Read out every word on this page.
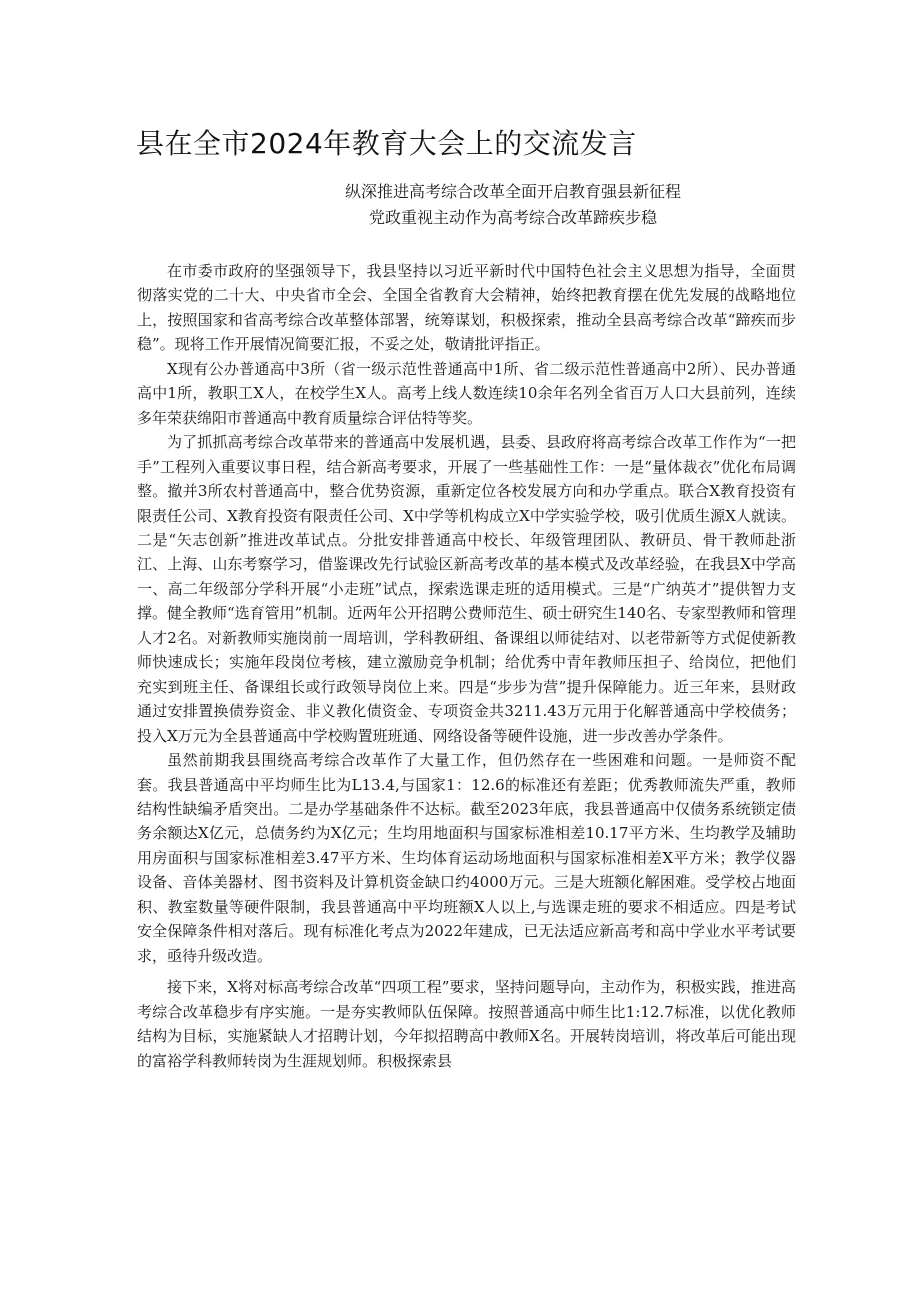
县在全市2024年教育大会上的交流发言
纵深推进高考综合改革全面开启教育强县新征程
党政重视主动作为高考综合改革蹄疾步稳

在市委市政府的坚强领导下，我县坚持以习近平新时代中国特色社会主义思想为指导，全面贯彻落实党的二十大、中央省市全会、全国全省教育大会精神，始终把教育摆在优先发展的战略地位上，按照国家和省高考综合改革整体部署，统筹谋划，积极探索，推动全县高考综合改革“蹄疾而步稳”。现将工作开展情况简要汇报，不妥之处，敬请批评指正。

X现有公办普通高中3所（省一级示范性普通高中1所、省二级示范性普通高中2所）、民办普通高中1所，教职工X人，在校学生X人。高考上线人数连续10余年名列全省百万人口大县前列，连续多年荣获绵阳市普通高中教育质量综合评估特等奖。

为了抓抓高考综合改革带来的普通高中发展机遇，县委、县政府将高考综合改革工作作为“一把手”工程列入重要议事日程，结合新高考要求，开展了一些基础性工作：一是“量体裁衣”优化布局调整。撤并3所农村普通高中，整合优势资源，重新定位各校发展方向和办学重点。联合X教育投资有限责任公司、X教育投资有限责任公司、X中学等机构成立X中学实验学校，吸引优质生源X人就读。二是“矢志创新”推进改革试点。分批安排普通高中校长、年级管理团队、教研员、骨干教师赴浙江、上海、山东考察学习，借鉴课改先行试验区新高考改革的基本模式及改革经验，在我县X中学高一、高二年级部分学科开展“小走班”试点，探索选课走班的适用模式。三是“广纳英才”提供智力支撑。健全教师“选育管用”机制。近两年公开招聘公费师范生、硕士研究生140名、专家型教师和管理人才2名。对新教师实施岗前一周培训，学科教研组、备课组以师徒结对、以老带新等方式促使新教师快速成长；实施年段岗位考核，建立激励竞争机制；给优秀中青年教师压担子、给岗位，把他们充实到班主任、备课组长或行政领导岗位上来。四是“步步为营”提升保障能力。近三年来，县财政通过安排置换债券资金、非义教化债资金、专项资金共3211.43万元用于化解普通高中学校债务；投入X万元为全县普通高中学校购置班班通、网络设备等硬件设施，进一步改善办学条件。

虽然前期我县围绕高考综合改革作了大量工作，但仍然存在一些困难和问题。一是师资不配套。我县普通高中平均师生比为L13.4,与国家1：12.6的标准还有差距；优秀教师流失严重，教师结构性缺编矛盾突出。二是办学基础条件不达标。截至2023年底，我县普通高中仅债务系统锁定债务余额达X亿元，总债务约为X亿元；生均用地面积与国家标准相差10.17平方米、生均教学及辅助用房面积与国家标准相差3.47平方米、生均体育运动场地面积与国家标准相差X平方米；教学仪器设备、音体美器材、图书资料及计算机资金缺口约4000万元。三是大班额化解困难。受学校占地面积、教室数量等硬件限制，我县普通高中平均班额X人以上,与选课走班的要求不相适应。四是考试安全保障条件相对落后。现有标准化考点为2022年建成，已无法适应新高考和高中学业水平考试要求，亟待升级改造。

接下来，X将对标高考综合改革“四项工程”要求，坚持问题导向，主动作为，积极实践，推进高考综合改革稳步有序实施。一是夯实教师队伍保障。按照普通高中师生比1:12.7标准，以优化教师结构为目标，实施紧缺人才招聘计划，今年拟招聘高中教师X名。开展转岗培训，将改革后可能出现的富裕学科教师转岗为生涯规划师。积极探索县
